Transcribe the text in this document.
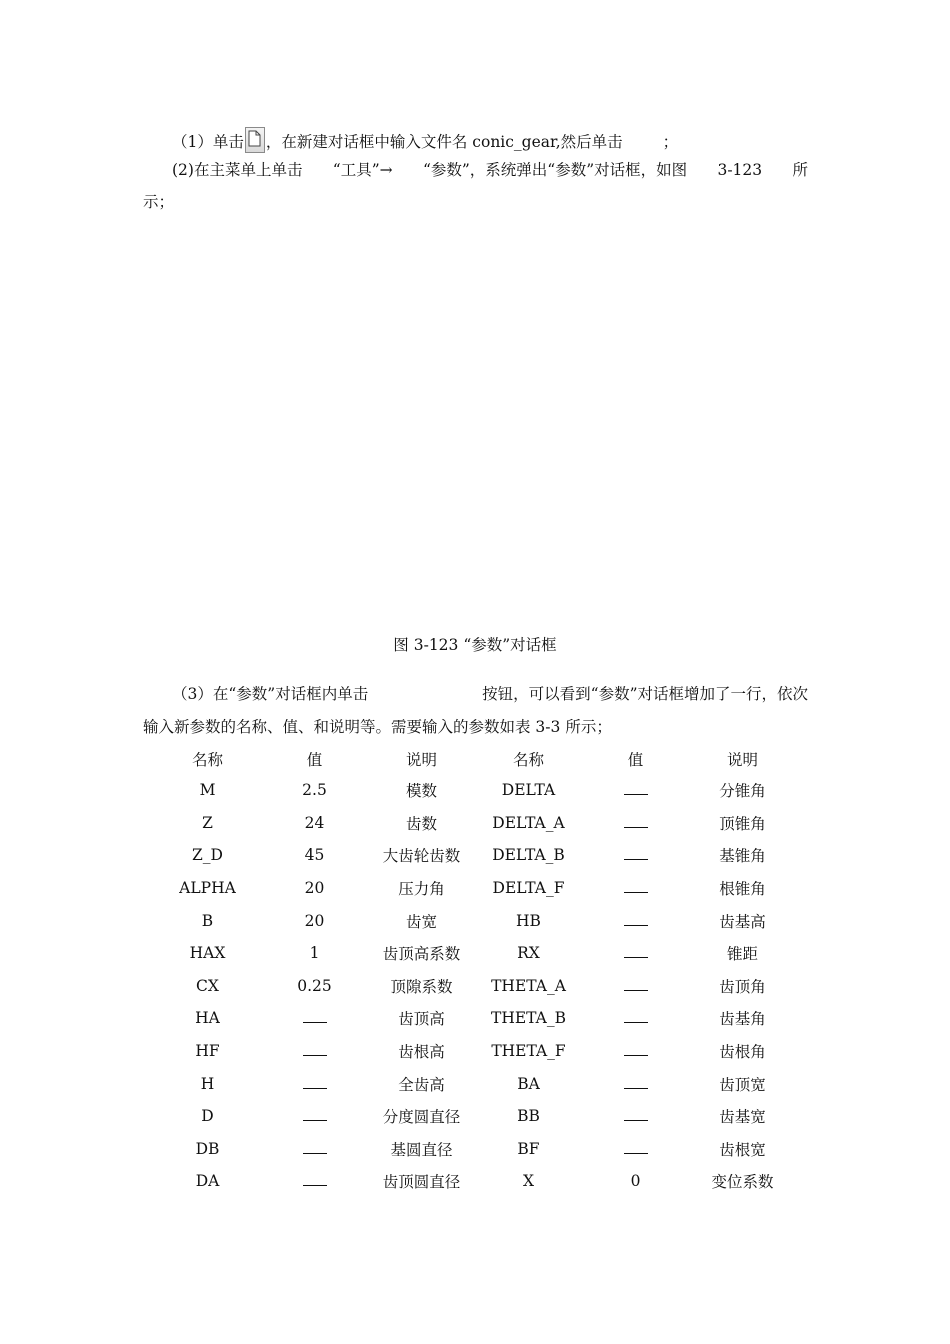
（1）单击 ，在新建对话框中输入文件名 conic_gear,然后单击	；
(2)在主菜单上单击 “工具”→ “参数”，系统弹出“参数”对话框，如图 3-123 所
示；
图 3-123 “参数”对话框
（3）在“参数”对话框内单击	按钮，可以看到“参数”对话框增加了一行，依次
输入新参数的名称、值、和说明等。需要输入的参数如表 3-3 所示；
名称	值	说明	名称	值	说明
M	2.5	模数	DELTA		分锥角
Z	24	齿数	DELTA_A		顶锥角
Z_D	45	大齿轮齿数	DELTA_B		基锥角
ALPHA	20	压力角	DELTA_F		根锥角
B	20	齿宽	HB		齿基高
HAX	1	齿顶高系数	RX		锥距
CX	0.25	顶隙系数	THETA_A		齿顶角
HA		齿顶高	THETA_B		齿基角
HF		齿根高	THETA_F		齿根角
H		全齿高	BA		齿顶宽
D		分度圆直径	BB		齿基宽
DB		基圆直径	BF		齿根宽
DA		齿顶圆直径	X	0	变位系数
